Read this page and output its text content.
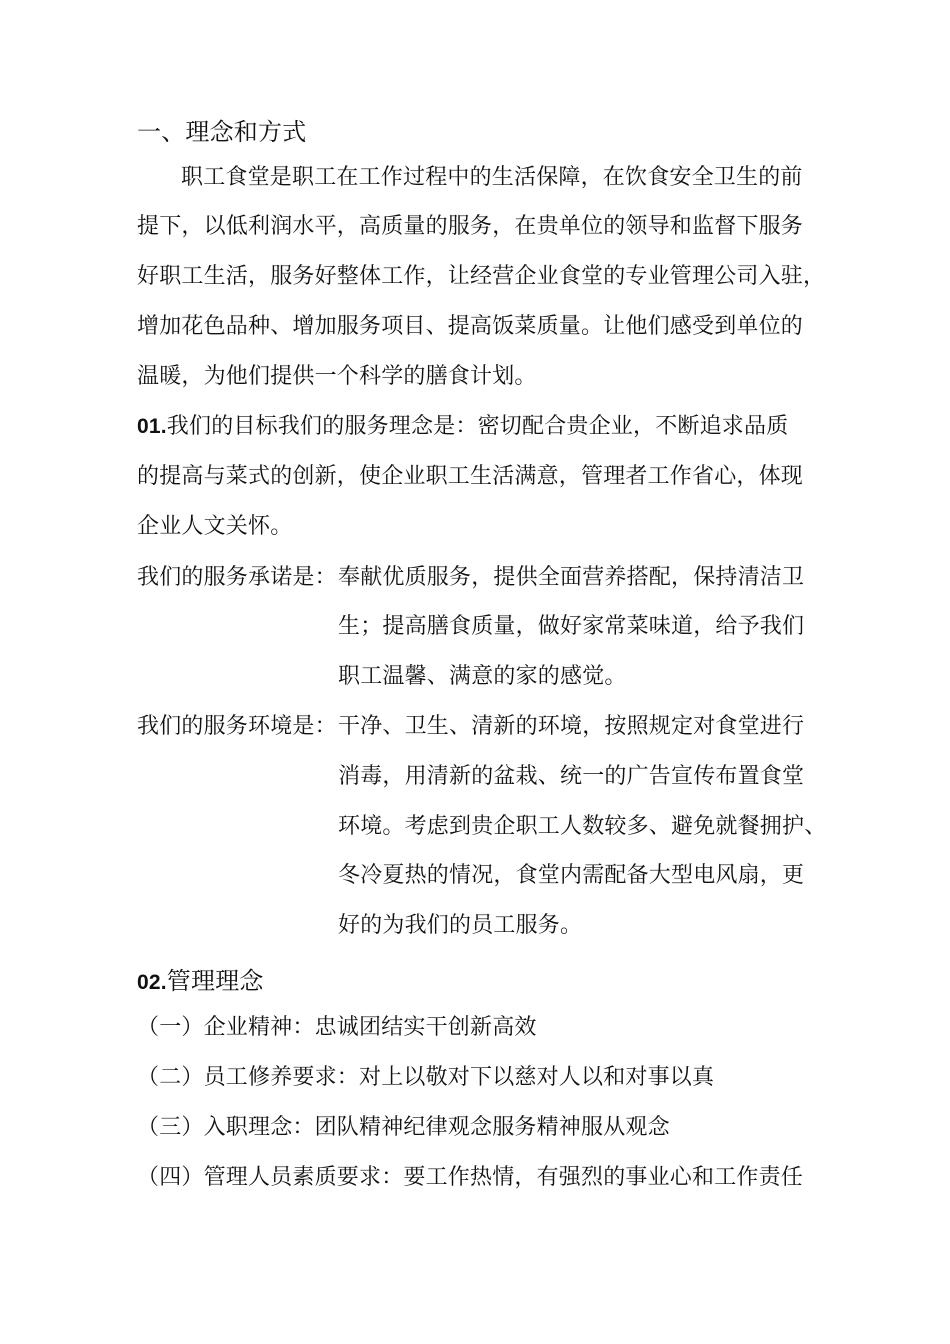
一、理念和方式
职工食堂是职工在工作过程中的生活保障，在饮食安全卫生的前
提下，以低利润水平，高质量的服务，在贵单位的领导和监督下服务
好职工生活，服务好整体工作，让经营企业食堂的专业管理公司入驻，
增加花色品种、增加服务项目、提高饭菜质量。让他们感受到单位的
温暖，为他们提供一个科学的膳食计划。
01.我们的目标我们的服务理念是：密切配合贵企业，不断追求品质
的提高与菜式的创新，使企业职工生活满意，管理者工作省心，体现
企业人文关怀。
我们的服务承诺是： 奉献优质服务，提供全面营养搭配，保持清洁卫
生；提高膳食质量，做好家常菜味道，给予我们
职工温馨、满意的家的感觉。
我们的服务环境是： 干净、卫生、清新的环境，按照规定对食堂进行
消毒，用清新的盆栽、统一的广告宣传布置食堂
环境。考虑到贵企职工人数较多、避免就餐拥护、
冬冷夏热的情况，食堂内需配备大型电风扇，更
好的为我们的员工服务。
02.管理理念
（一）企业精神：忠诚团结实干创新高效
（二）员工修养要求：对上以敬对下以慈对人以和对事以真
（三）入职理念：团队精神纪律观念服务精神服从观念
（四）管理人员素质要求：要工作热情，有强烈的事业心和工作责任
